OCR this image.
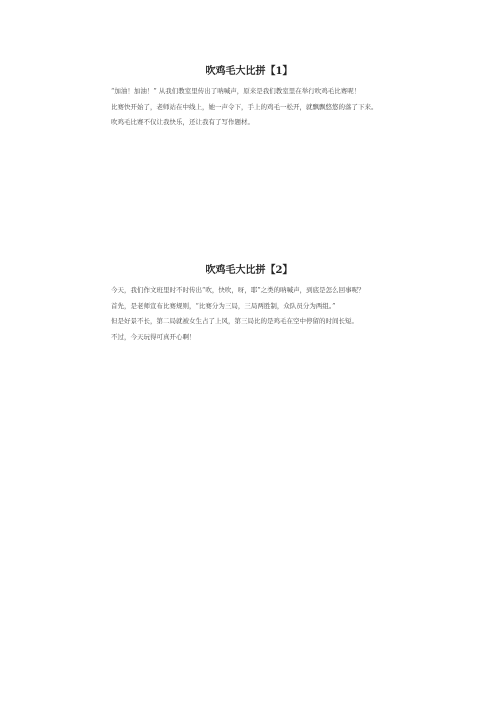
吹鸡毛大比拼【1】

“加油！加油！” 从我们教室里传出了呐喊声，原来是我们教室里在举行吹鸡毛比赛呢！

比赛快开始了，老师站在中线上，她一声令下，手上的鸡毛一松开，就飘飘悠悠的落了下来。

吹鸡毛比赛不仅让我快乐，还让我有了写作题材。

吹鸡毛大比拼【2】

今天，我们作文班里时不时传出“吹，快吹，呀，耶”之类的呐喊声，到底是怎么回事呢？

首先，是老师宣布比赛规则，“比赛分为三局，三局两胜制，众队员分为两组。”

但是好景不长，第二局就被女生占了上风，第三局比的是鸡毛在空中停留的时间长短。

不过，今天玩得可真开心啊！
